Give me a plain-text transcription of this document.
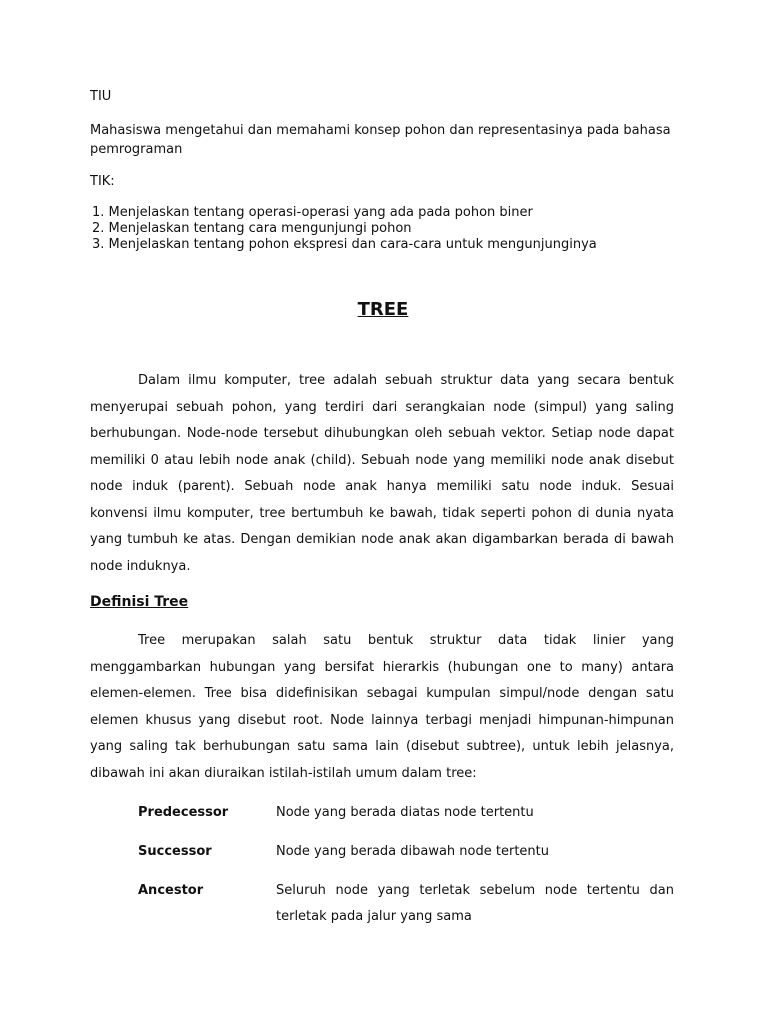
TIU
Mahasiswa mengetahui dan memahami konsep pohon dan representasinya pada bahasa pemrograman
TIK:
1. Menjelaskan tentang operasi-operasi yang ada pada pohon biner
2. Menjelaskan tentang cara mengunjungi pohon
3. Menjelaskan tentang pohon ekspresi dan cara-cara untuk mengunjunginya
TREE

Dalam ilmu komputer, tree adalah sebuah struktur data yang secara bentuk menyerupai sebuah pohon, yang terdiri dari serangkaian node (simpul) yang saling berhubungan. Node-node tersebut dihubungkan oleh sebuah vektor. Setiap node dapat memiliki 0 atau lebih node anak (child). Sebuah node yang memiliki node anak disebut node induk (parent). Sebuah node anak hanya memiliki satu node induk. Sesuai konvensi ilmu komputer, tree bertumbuh ke bawah, tidak seperti pohon di dunia nyata yang tumbuh ke atas. Dengan demikian node anak akan digambarkan berada di bawah node induknya.

Definisi Tree

Tree merupakan salah satu bentuk struktur data tidak linier yang menggambarkan hubungan yang bersifat hierarkis (hubungan one to many) antara elemen-elemen. Tree bisa didefinisikan sebagai kumpulan simpul/node dengan satu elemen khusus yang disebut root. Node lainnya terbagi menjadi himpunan-himpunan yang saling tak berhubungan satu sama lain (disebut subtree), untuk lebih jelasnya, dibawah ini akan diuraikan istilah-istilah umum dalam tree:

Predecessor	Node yang berada diatas node tertentu
Successor	Node yang berada dibawah node tertentu
Ancestor	Seluruh node yang terletak sebelum node tertentu dan terletak pada jalur yang sama
